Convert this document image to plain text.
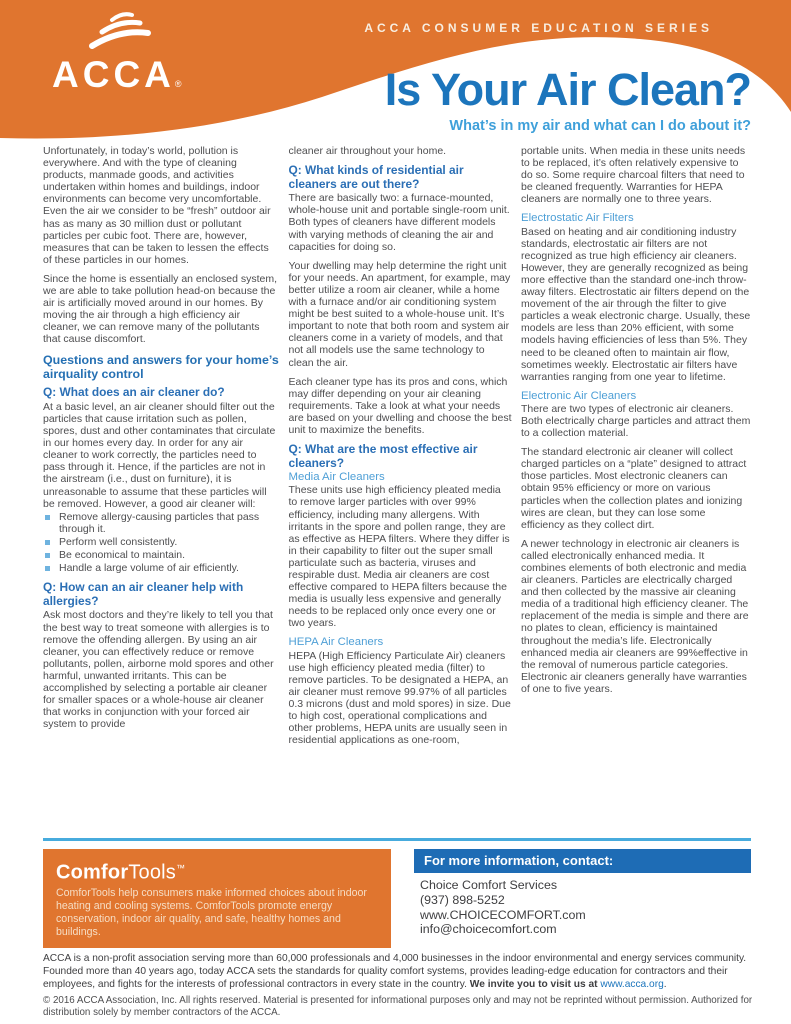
ACCA CONSUMER EDUCATION SERIES
ACCA®	Is Your Air Clean?
What’s in my air and what can I do about it?

Unfortunately, in today’s world, pollution is everywhere. And with the type of cleaning products, manmade goods, and activities undertaken within homes and buildings, indoor environments can become very uncomfortable. Even the air we consider to be “fresh” outdoor air has as many as 30 million dust or pollutant particles per cubic foot. There are, however, measures that can be taken to lessen the effects of these particles in our homes.

Since the home is essentially an enclosed system, we are able to take pollution head-on because the air is artificially moved around in our homes. By moving the air through a high efficiency air cleaner, we can remove many of the pollutants that cause discomfort.

Questions and answers for your home’s airquality control
Q: What does an air cleaner do?

At a basic level, an air cleaner should filter out the particles that cause irritation such as pollen, spores, dust and other contaminates that circulate in our homes every day. In order for any air cleaner to work correctly, the particles need to pass through it. Hence, if the particles are not in the airstream (i.e., dust on furniture), it is unreasonable to assume that these particles will be removed. However, a good air cleaner will:

Remove allergy-causing particles that pass through it.
Perform well consistently.
Be economical to maintain.
Handle a large volume of air efficiently.
Q: How can an air cleaner help with allergies?

Ask most doctors and they’re likely to tell you that the best way to treat someone with allergies is to remove the offending allergen. By using an air cleaner, you can effectively reduce or remove pollutants, pollen, airborne mold spores and other harmful, unwanted irritants. This can be accomplished by selecting a portable air cleaner for smaller spaces or a whole-house air cleaner that works in conjunction with your forced air system to provide

cleaner air throughout your home.

Q: What kinds of residential air cleaners are out there?

There are basically two: a furnace-mounted, whole-house unit and portable single-room unit. Both types of cleaners have different models with varying methods of cleaning the air and capacities for doing so.

Your dwelling may help determine the right unit for your needs. An apartment, for example, may better utilize a room air cleaner, while a home with a furnace and/or air conditioning system might be best suited to a whole-house unit. It’s important to note that both room and system air cleaners come in a variety of models, and that not all models use the same technology to clean the air.

Each cleaner type has its pros and cons, which may differ depending on your air cleaning requirements. Take a look at what your needs are based on your dwelling and choose the best unit to maximize the benefits.

Q: What are the most effective air cleaners?
Media Air Cleaners

These units use high efficiency pleated media to remove larger particles with over 99% efficiency, including many allergens. With irritants in the spore and pollen range, they are as effective as HEPA filters. Where they differ is in their capability to filter out the super small particulate such as bacteria, viruses and respirable dust. Media air cleaners are cost effective compared to HEPA filters because the media is usually less expensive and generally needs to be replaced only once every one or two years.

HEPA Air Cleaners

HEPA (High Efficiency Particulate Air) cleaners use high efficiency pleated media (filter) to remove particles. To be designated a HEPA, an air cleaner must remove 99.97% of all particles 0.3 microns (dust and mold spores) in size. Due to high cost, operational complications and other problems, HEPA units are usually seen in residential applications as one-room,

portable units. When media in these units needs to be replaced, it’s often relatively expensive to do so. Some require charcoal filters that need to be cleaned frequently. Warranties for HEPA cleaners are normally one to three years.

Electrostatic Air Filters

Based on heating and air conditioning industry standards, electrostatic air filters are not recognized as true high efficiency air cleaners. However, they are generally recognized as being more effective than the standard one-inch throw-away filters. Electrostatic air filters depend on the movement of the air through the filter to give particles a weak electronic charge. Usually, these models are less than 20% efficient, with some models having efficiencies of less than 5%. They need to be cleaned often to maintain air flow, sometimes weekly. Electrostatic air filters have warranties ranging from one year to lifetime.

Electronic Air Cleaners

There are two types of electronic air cleaners. Both electrically charge particles and attract them to a collection material.

The standard electronic air cleaner will collect charged particles on a “plate” designed to attract those particles. Most electronic cleaners can obtain 95% efficiency or more on various particles when the collection plates and ionizing wires are clean, but they can lose some efficiency as they collect dirt.

A newer technology in electronic air cleaners is called electronically enhanced media. It combines elements of both electronic and media air cleaners. Particles are electrically charged and then collected by the massive air cleaning media of a traditional high efficiency cleaner. The replacement of the media is simple and there are no plates to clean, efficiency is maintained throughout the media’s life. Electronically enhanced media air cleaners are 99%effective in the removal of numerous particle categories. Electronic air cleaners generally have warranties of one to five years.

ComforTools™

ComforTools help consumers make informed choices about indoor heating and cooling systems. ComforTools promote energy conservation, indoor air quality, and safe, healthy homes and buildings.

For more information, contact:
Choice Comfort Services
(937) 898-5252
www.CHOICECOMFORT.com
info@choicecomfort.com

ACCA is a non-profit association serving more than 60,000 professionals and 4,000 businesses in the indoor environmental and energy services community. Founded more than 40 years ago, today ACCA sets the standards for quality comfort systems, provides leading-edge education for contractors and their employees, and fights for the interests of professional contractors in every state in the country. We invite you to visit us at www.acca.org.

© 2016 ACCA Association, Inc. All rights reserved. Material is presented for informational purposes only and may not be reprinted without permission. Authorized for distribution solely by member contractors of the ACCA.
